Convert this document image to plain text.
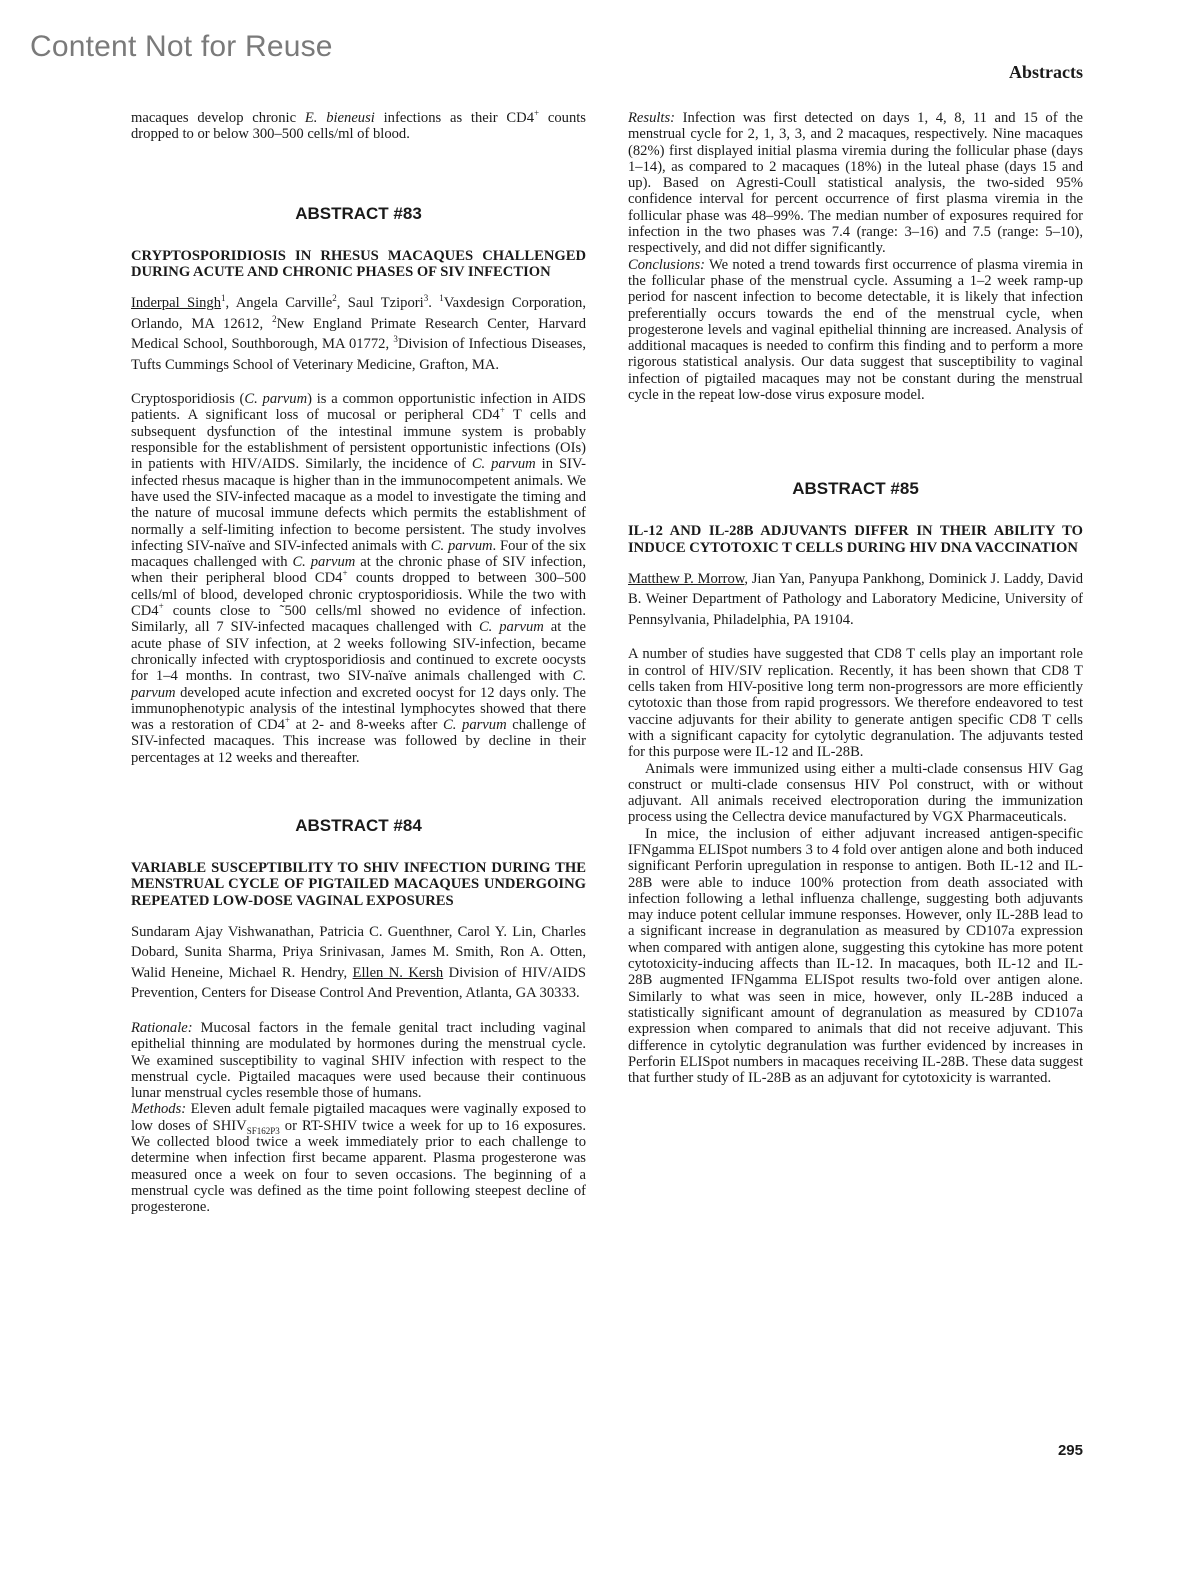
Content Not for Reuse
Abstracts

macaques develop chronic E. bieneusi infections as their CD4+ counts dropped to or below 300–500 cells/ml of blood.

ABSTRACT #83

CRYPTOSPORIDIOSIS IN RHESUS MACAQUES CHALLENGED DURING ACUTE AND CHRONIC PHASES OF SIV INFECTION

Inderpal Singh$^1$, Angela Carville$^2$, Saul Tzipori$^3$. $^1$Vaxdesign Corporation, Orlando, MA 12612, $^2$New England Primate Research Center, Harvard Medical School, Southborough, MA 01772, $^3$Division of Infectious Diseases, Tufts Cummings School of Veterinary Medicine, Grafton, MA.

Cryptosporidiosis (C. parvum) is a common opportunistic infection in AIDS patients. A significant loss of mucosal or peripheral CD4+ T cells and subsequent dysfunction of the intestinal immune system is probably responsible for the establishment of persistent opportunistic infections (OIs) in patients with HIV/AIDS. Similarly, the incidence of C. parvum in SIV-infected rhesus macaque is higher than in the immunocompetent animals. We have used the SIV-infected macaque as a model to investigate the timing and the nature of mucosal immune defects which permits the establishment of normally a self-limiting infection to become persistent. The study involves infecting SIV-naïve and SIV-infected animals with C. parvum. Four of the six macaques challenged with C. parvum at the chronic phase of SIV infection, when their peripheral blood CD4+ counts dropped to between 300–500 cells/ml of blood, developed chronic cryptosporidiosis. While the two with CD4+ counts close to ˜500 cells/ml showed no evidence of infection. Similarly, all 7 SIV-infected macaques challenged with C. parvum at the acute phase of SIV infection, at 2 weeks following SIV-infection, became chronically infected with cryptosporidiosis and continued to excrete oocysts for 1–4 months. In contrast, two SIV-naïve animals challenged with C. parvum developed acute infection and excreted oocyst for 12 days only. The immunophenotypic analysis of the intestinal lymphocytes showed that there was a restoration of CD4+ at 2- and 8-weeks after C. parvum challenge of SIV-infected macaques. This increase was followed by decline in their percentages at 12 weeks and thereafter.

ABSTRACT #84

VARIABLE SUSCEPTIBILITY TO SHIV INFECTION DURING THE MENSTRUAL CYCLE OF PIGTAILED MACAQUES UNDERGOING REPEATED LOW-DOSE VAGINAL EXPOSURES

Sundaram Ajay Vishwanathan, Patricia C. Guenthner, Carol Y. Lin, Charles Dobard, Sunita Sharma, Priya Srinivasan, James M. Smith, Ron A. Otten, Walid Heneine, Michael R. Hendry, Ellen N. Kersh Division of HIV/AIDS Prevention, Centers for Disease Control And Prevention, Atlanta, GA 30333.

Rationale: Mucosal factors in the female genital tract including vaginal epithelial thinning are modulated by hormones during the menstrual cycle. We examined susceptibility to vaginal SHIV infection with respect to the menstrual cycle. Pigtailed macaques were used because their continuous lunar menstrual cycles resemble those of humans.

Methods: Eleven adult female pigtailed macaques were vaginally exposed to low doses of $SHIV_{SF162P3}$ or RT-SHIV twice a week for up to 16 exposures. We collected blood twice a week immediately prior to each challenge to determine when infection first became apparent. Plasma progesterone was measured once a week on four to seven occasions. The beginning of a menstrual cycle was defined as the time point following steepest decline of progesterone.

Results: Infection was first detected on days 1, 4, 8, 11 and 15 of the menstrual cycle for 2, 1, 3, 3, and 2 macaques, respectively. Nine macaques (82%) first displayed initial plasma viremia during the follicular phase (days 1–14), as compared to 2 macaques (18%) in the luteal phase (days 15 and up). Based on Agresti-Coull statistical analysis, the two-sided 95% confidence interval for percent occurrence of first plasma viremia in the follicular phase was 48–99%. The median number of exposures required for infection in the two phases was 7.4 (range: 3–16) and 7.5 (range: 5–10), respectively, and did not differ significantly.

Conclusions: We noted a trend towards first occurrence of plasma viremia in the follicular phase of the menstrual cycle. Assuming a 1–2 week ramp-up period for nascent infection to become detectable, it is likely that infection preferentially occurs towards the end of the menstrual cycle, when progesterone levels and vaginal epithelial thinning are increased. Analysis of additional macaques is needed to confirm this finding and to perform a more rigorous statistical analysis. Our data suggest that susceptibility to vaginal infection of pigtailed macaques may not be constant during the menstrual cycle in the repeat low-dose virus exposure model.

ABSTRACT #85

IL-12 AND IL-28B ADJUVANTS DIFFER IN THEIR ABILITY TO INDUCE CYTOTOXIC T CELLS DURING HIV DNA VACCINATION

Matthew P. Morrow, Jian Yan, Panyupa Pankhong, Dominick J. Laddy, David B. Weiner Department of Pathology and Laboratory Medicine, University of Pennsylvania, Philadelphia, PA 19104.

A number of studies have suggested that CD8 T cells play an important role in control of HIV/SIV replication. Recently, it has been shown that CD8 T cells taken from HIV-positive long term non-progressors are more efficiently cytotoxic than those from rapid progressors. We therefore endeavored to test vaccine adjuvants for their ability to generate antigen specific CD8 T cells with a significant capacity for cytolytic degranulation. The adjuvants tested for this purpose were IL-12 and IL-28B.

Animals were immunized using either a multi-clade consensus HIV Gag construct or multi-clade consensus HIV Pol construct, with or without adjuvant. All animals received electroporation during the immunization process using the Cellectra device manufactured by VGX Pharmaceuticals.

In mice, the inclusion of either adjuvant increased antigen-specific IFNgamma ELISpot numbers 3 to 4 fold over antigen alone and both induced significant Perforin upregulation in response to antigen. Both IL-12 and IL-28B were able to induce 100% protection from death associated with infection following a lethal influenza challenge, suggesting both adjuvants may induce potent cellular immune responses. However, only IL-28B lead to a significant increase in degranulation as measured by CD107a expression when compared with antigen alone, suggesting this cytokine has more potent cytotoxicity-inducing affects than IL-12. In macaques, both IL-12 and IL-28B augmented IFNgamma ELISpot results two-fold over antigen alone. Similarly to what was seen in mice, however, only IL-28B induced a statistically significant amount of degranulation as measured by CD107a expression when compared to animals that did not receive adjuvant. This difference in cytolytic degranulation was further evidenced by increases in Perforin ELISpot numbers in macaques receiving IL-28B. These data suggest that further study of IL-28B as an adjuvant for cytotoxicity is warranted.

295
